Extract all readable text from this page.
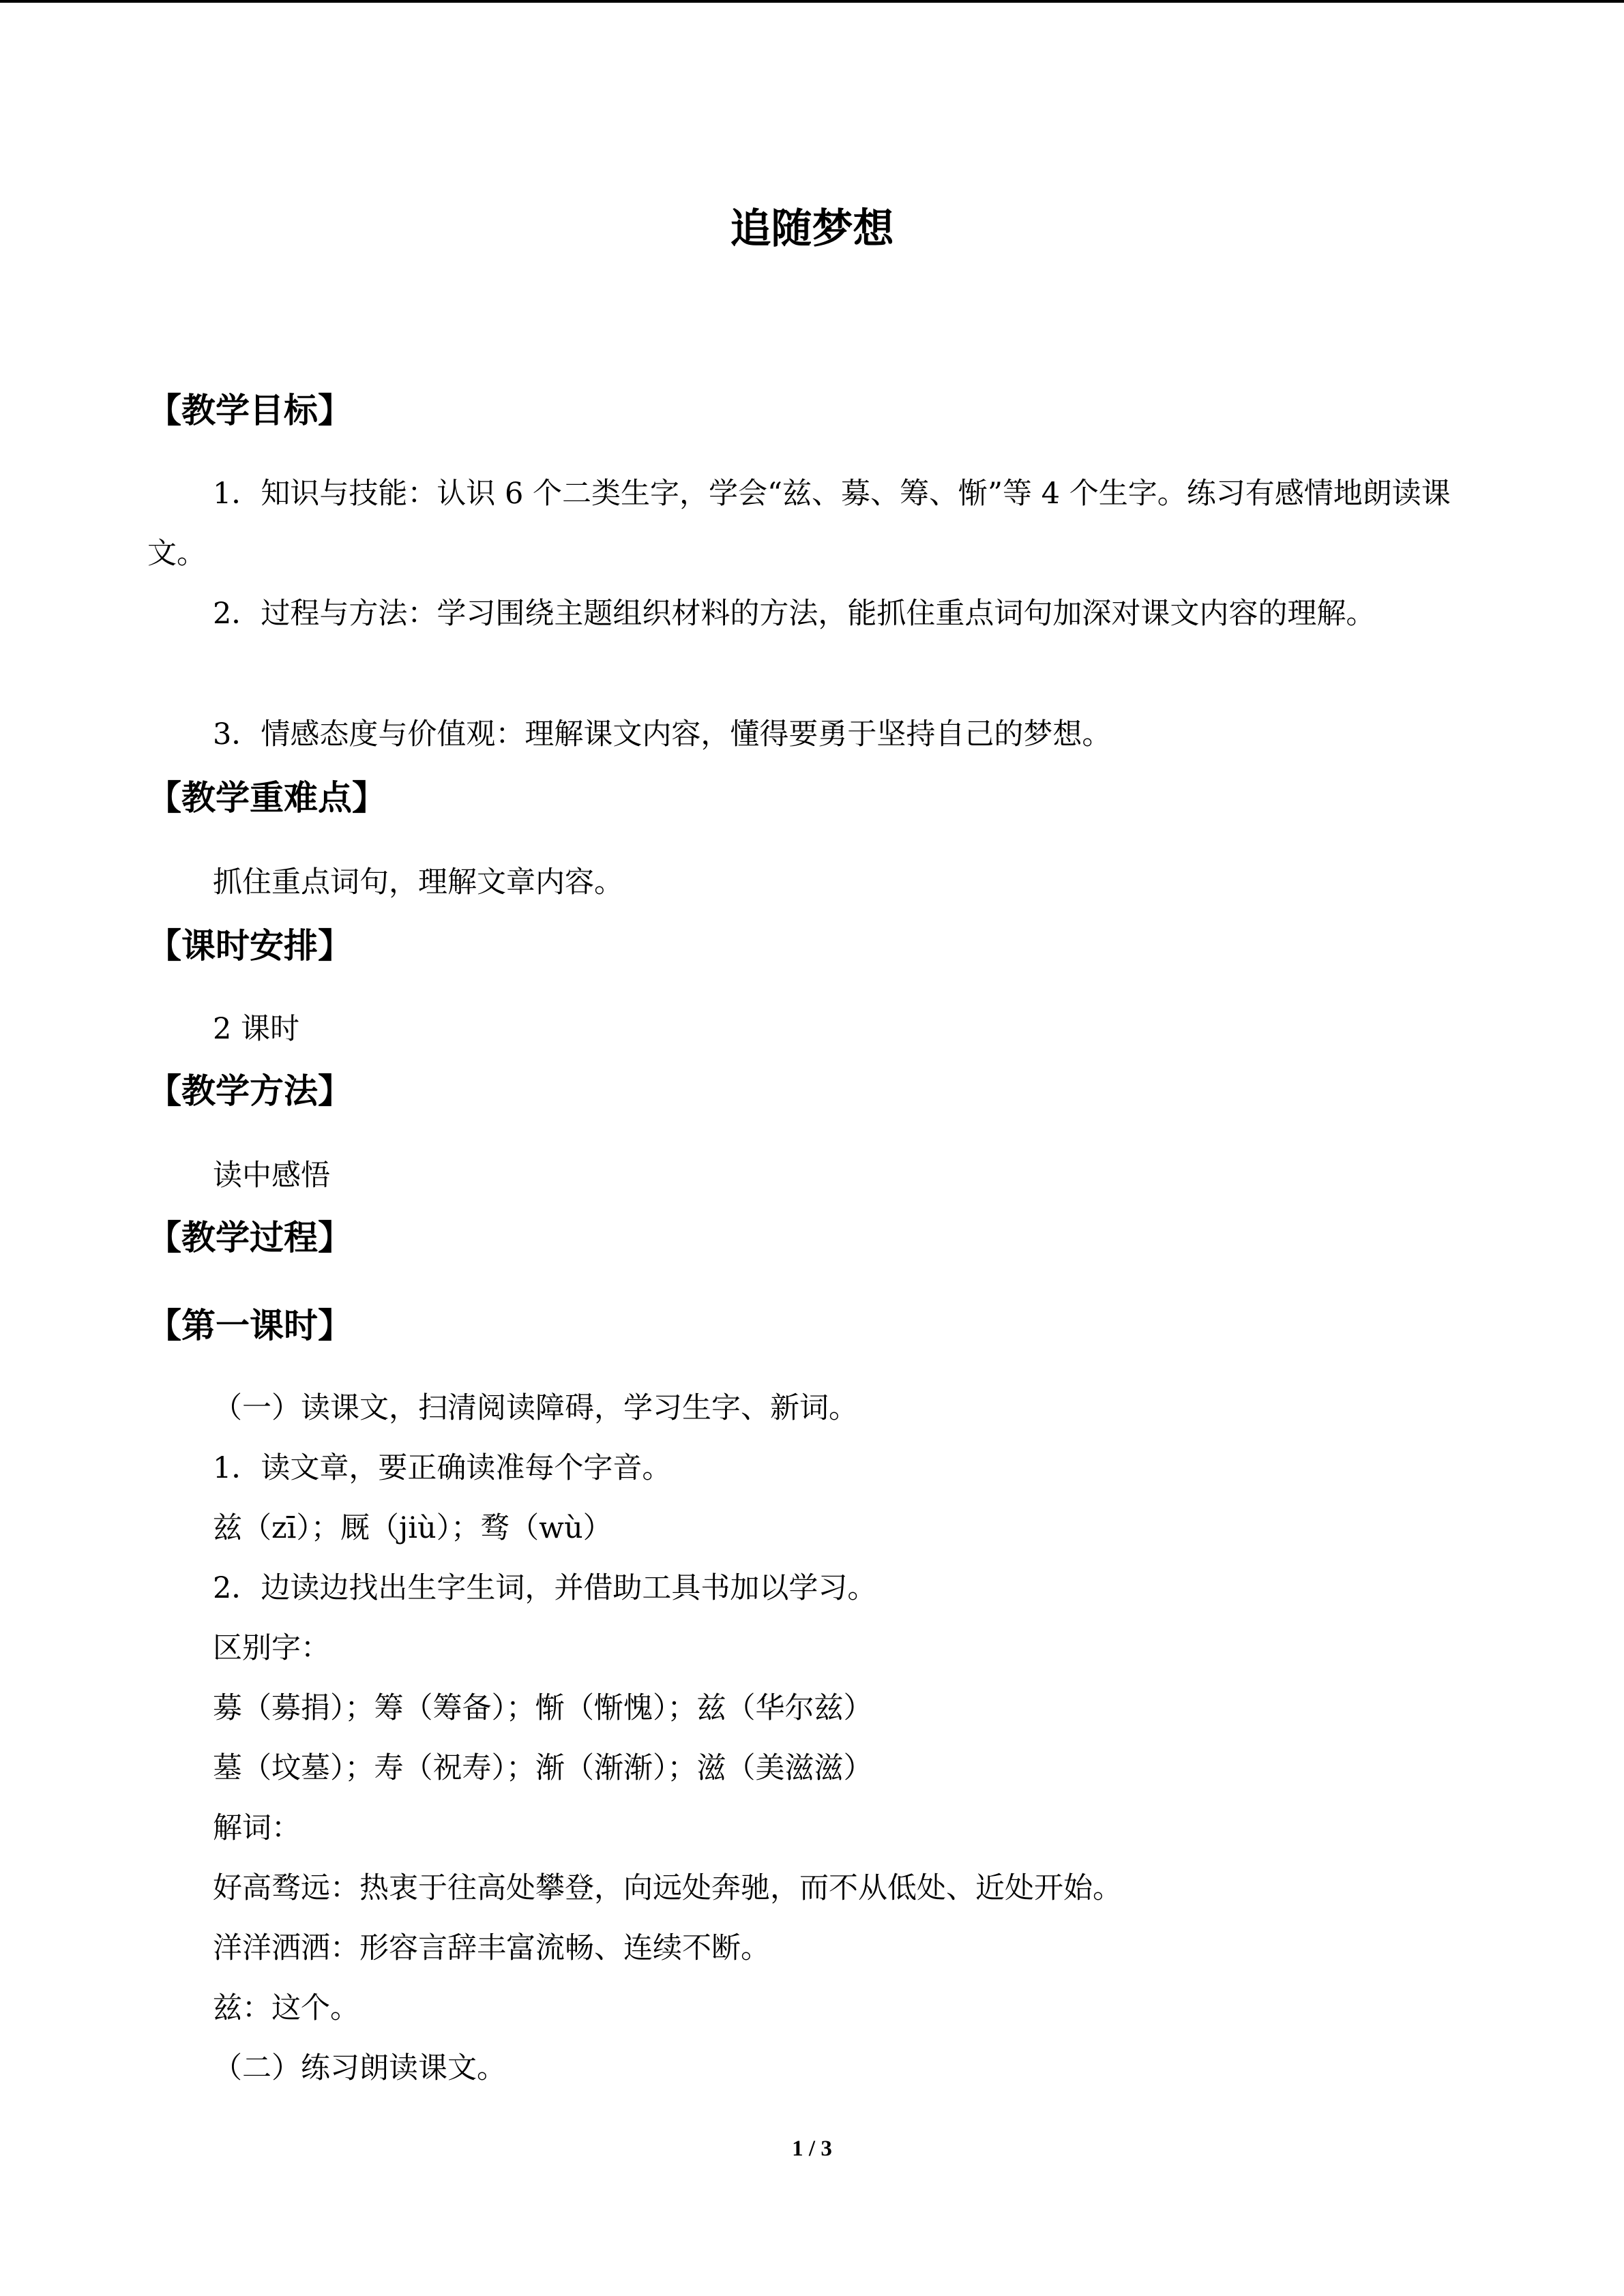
追随梦想
【教学目标】
1．知识与技能：认识 6 个二类生字，学会“兹、募、筹、惭”等 4 个生字。练习有感情地朗读课文。
2．过程与方法：学习围绕主题组织材料的方法，能抓住重点词句加深对课文内容的理解。
3．情感态度与价值观：理解课文内容，懂得要勇于坚持自己的梦想。
【教学重难点】
抓住重点词句，理解文章内容。
【课时安排】
2 课时
【教学方法】
读中感悟
【教学过程】
【第一课时】
（一）读课文，扫清阅读障碍，学习生字、新词。
1．读文章，要正确读准每个字音。
兹（zī）；厩（jiù）；骛（wù）
2．边读边找出生字生词，并借助工具书加以学习。
区别字：
募（募捐）；筹（筹备）；惭（惭愧）；兹（华尔兹）
墓（坟墓）；寿（祝寿）；渐（渐渐）；滋（美滋滋）
解词：
好高骛远：热衷于往高处攀登，向远处奔驰，而不从低处、近处开始。
洋洋洒洒：形容言辞丰富流畅、连续不断。
兹：这个。
（二）练习朗读课文。
1 / 3
